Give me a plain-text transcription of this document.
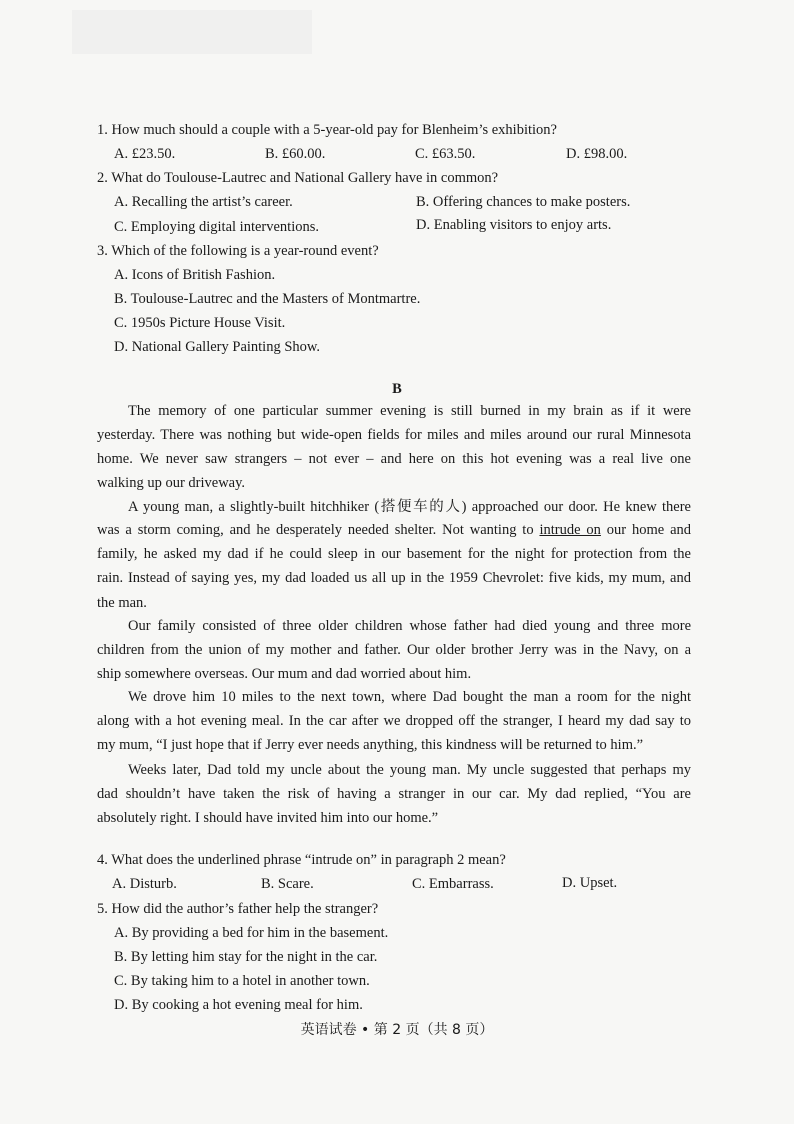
1. How much should a couple with a 5-year-old pay for Blenheim’s exhibition?
A. £23.50.	B. £60.00.	C. £63.50.	D. £98.00.
2. What do Toulouse-Lautrec and National Gallery have in common?
A. Recalling the artist’s career.	B. Offering chances to make posters.
C. Employing digital interventions.	D. Enabling visitors to enjoy arts.
3. Which of the following is a year-round event?
A. Icons of British Fashion.
B. Toulouse-Lautrec and the Masters of Montmartre.
C. 1950s Picture House Visit.
D. National Gallery Painting Show.
B
The memory of one particular summer evening is still burned in my brain as if it were
yesterday. There was nothing but wide-open fields for miles and miles around our rural Minnesota
home. We never saw strangers – not ever – and here on this hot evening was a real live one
walking up our driveway.
A young man, a slightly-built hitchhiker (搭便车的人) approached our door. He knew there
was a storm coming, and he desperately needed shelter. Not wanting to intrude on our home and
family, he asked my dad if he could sleep in our basement for the night for protection from the
rain. Instead of saying yes, my dad loaded us all up in the 1959 Chevrolet: five kids, my mum, and
the man.
Our family consisted of three older children whose father had died young and three more
children from the union of my mother and father. Our older brother Jerry was in the Navy, on a
ship somewhere overseas. Our mum and dad worried about him.
We drove him 10 miles to the next town, where Dad bought the man a room for the night
along with a hot evening meal. In the car after we dropped off the stranger, I heard my dad say to
my mum, “I just hope that if Jerry ever needs anything, this kindness will be returned to him.”
Weeks later, Dad told my uncle about the young man. My uncle suggested that perhaps my
dad shouldn’t have taken the risk of having a stranger in our car. My dad replied, “You are
absolutely right. I should have invited him into our home.”
4. What does the underlined phrase “intrude on” in paragraph 2 mean?
A. Disturb.	B. Scare.	C. Embarrass.	D. Upset.
5. How did the author’s father help the stranger?
A. By providing a bed for him in the basement.
B. By letting him stay for the night in the car.
C. By taking him to a hotel in another town.
D. By cooking a hot evening meal for him.
英语试卷 • 第 2 页（共 8 页）
